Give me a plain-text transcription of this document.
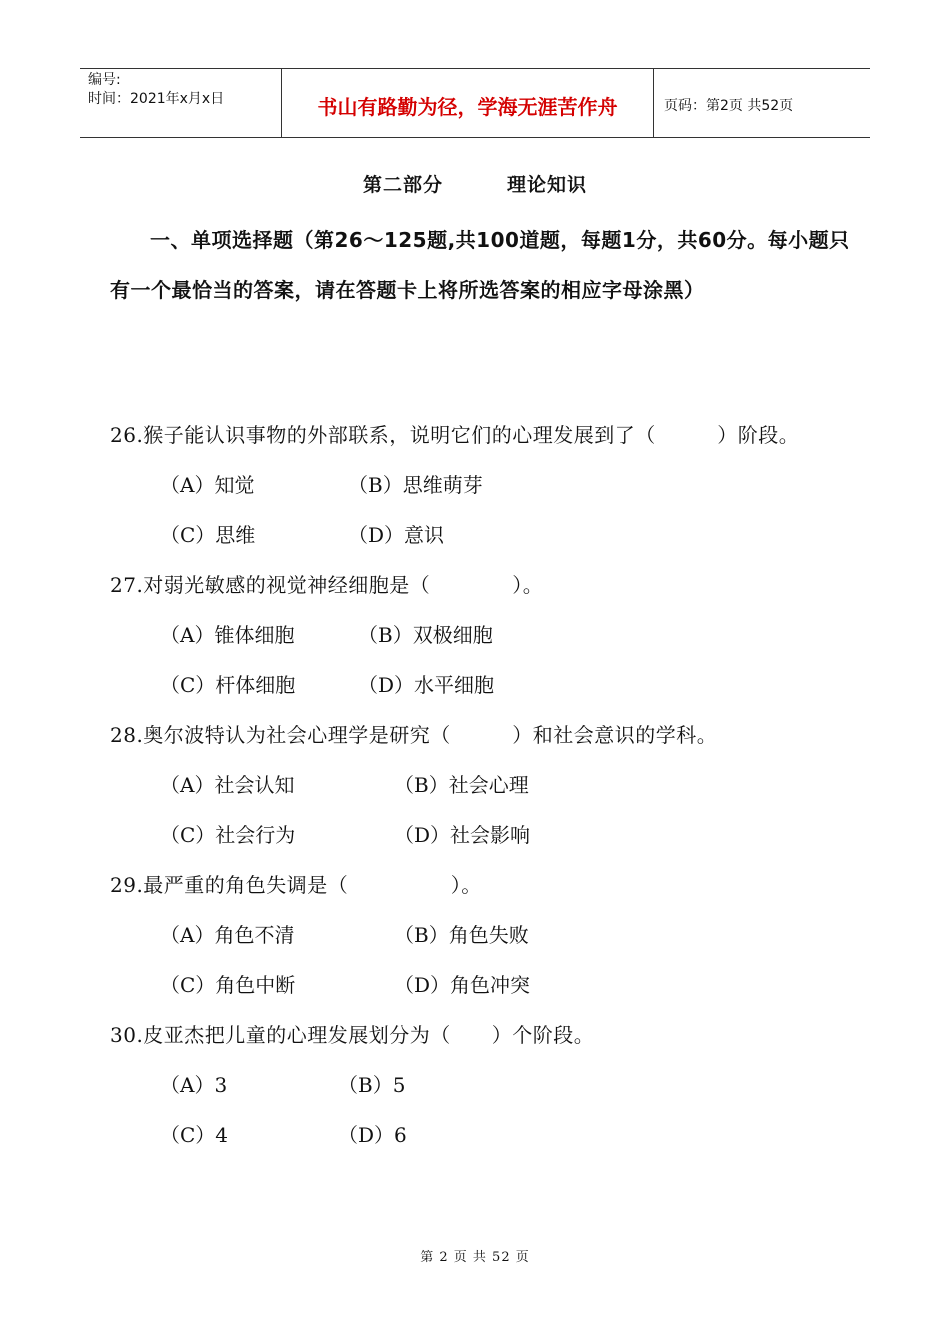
编号:
时间：2021年x月x日	书山有路勤为径，学海无涯苦作舟	页码：第2页 共52页
第二部分	理论知识
一、单项选择题（第26～125题,共100道题，每题1分，共60分。每小题只有一个最恰当的答案，请在答题卡上将所选答案的相应字母涂黑）
26.猴子能认识事物的外部联系，说明它们的心理发展到了（　　　）阶段。
（A）知觉	（B）思维萌芽
（C）思维	（D）意识
27.对弱光敏感的视觉神经细胞是（　　　　）。
（A）锥体细胞	（B）双极细胞
（C）杆体细胞	（D）水平细胞
28.奥尔波特认为社会心理学是研究（　　　）和社会意识的学科。
（A）社会认知	（B）社会心理
（C）社会行为	（D）社会影响
29.最严重的角色失调是（　　　　　）。
（A）角色不清	（B）角色失败
（C）角色中断	（D）角色冲突
30.皮亚杰把儿童的心理发展划分为（　　）个阶段。
（A）3	（B）5
（C）4	（D）6
第 2 页 共 52 页
